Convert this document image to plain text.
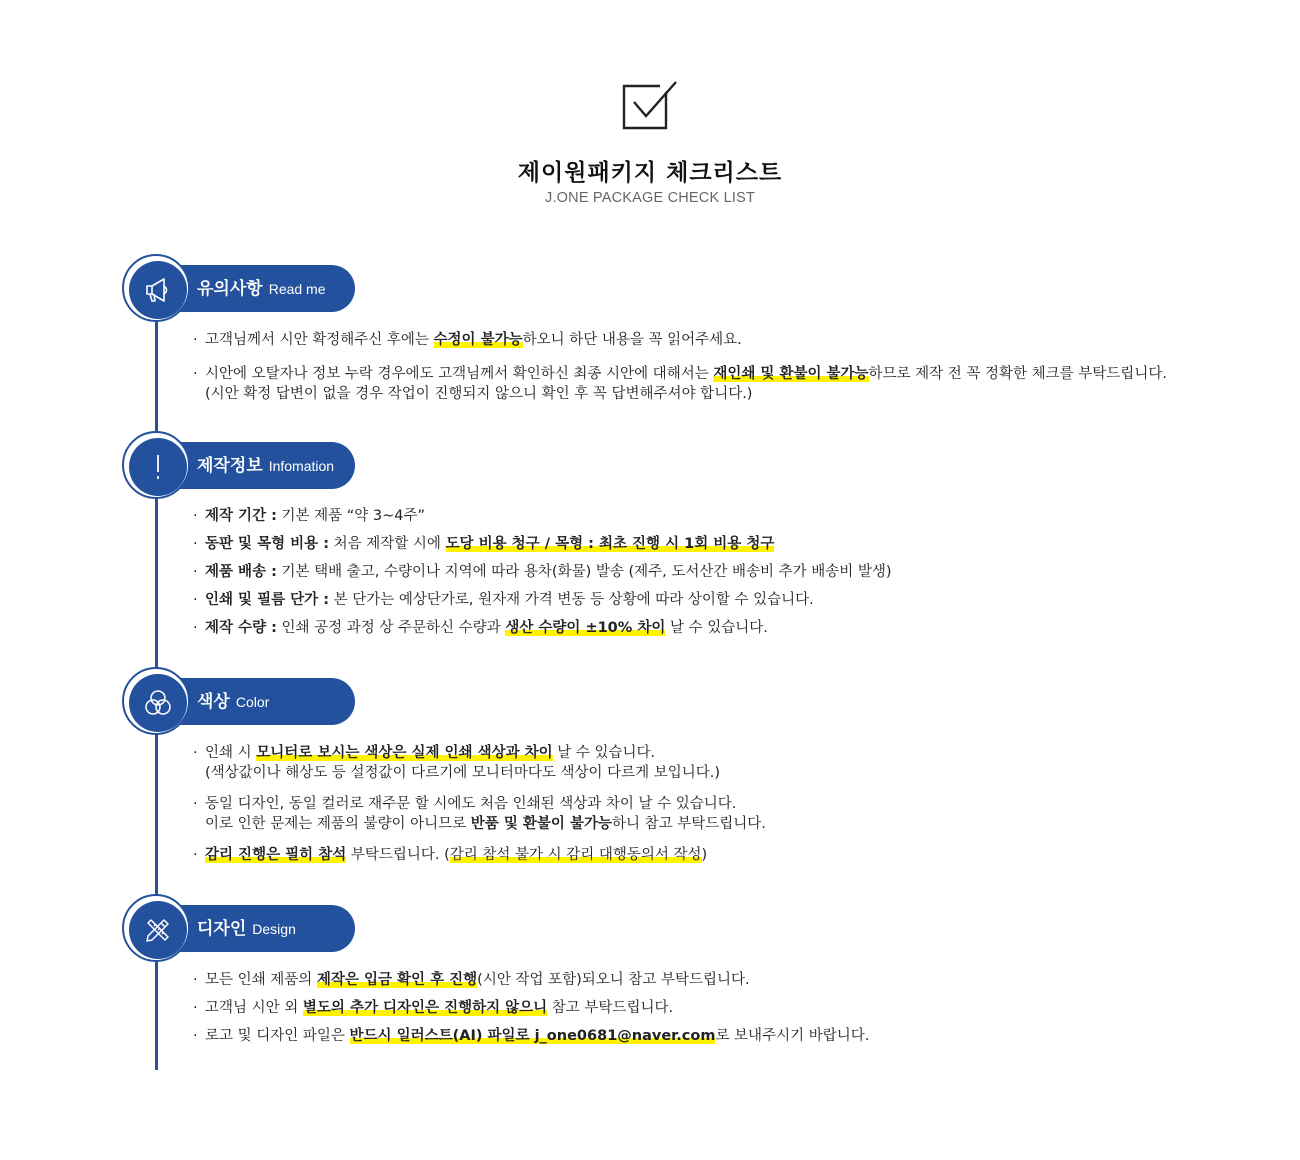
제이원패키지 체크리스트
J.ONE PACKAGE CHECK LIST
유의사항 Read me
· 고객님께서 시안 확정해주신 후에는 수정이 불가능하오니 하단 내용을 꼭 읽어주세요.
· 시안에 오탈자나 정보 누락 경우에도 고객님께서 확인하신 최종 시안에 대해서는 재인쇄 및 환불이 불가능하므로 제작 전 꼭 정확한 체크를 부탁드립니다.
(시안 확정 답변이 없을 경우 작업이 진행되지 않으니 확인 후 꼭 답변해주셔야 합니다.)
제작정보 Infomation
· 제작 기간 : 기본 제품 “약 3~4주”
· 동판 및 목형 비용 : 처음 제작할 시에 도당 비용 청구 / 목형 : 최초 진행 시 1회 비용 청구
· 제품 배송 : 기본 택배 출고, 수량이나 지역에 따라 용차(화물) 발송 (제주, 도서산간 배송비 추가 배송비 발생)
· 인쇄 및 필름 단가 : 본 단가는 예상단가로, 원자재 가격 변동 등 상황에 따라 상이할 수 있습니다.
· 제작 수량 : 인쇄 공정 과정 상 주문하신 수량과 생산 수량이 ±10% 차이 날 수 있습니다.
색상 Color
· 인쇄 시 모니터로 보시는 색상은 실제 인쇄 색상과 차이 날 수 있습니다.
(색상값이나 해상도 등 설정값이 다르기에 모니터마다도 색상이 다르게 보입니다.)
· 동일 디자인, 동일 컬러로 재주문 할 시에도 처음 인쇄된 색상과 차이 날 수 있습니다.
이로 인한 문제는 제품의 불량이 아니므로 반품 및 환불이 불가능하니 참고 부탁드립니다.
· 감리 진행은 필히 참석 부탁드립니다. (감리 참석 불가 시 감리 대행동의서 작성)
디자인 Design
· 모든 인쇄 제품의 제작은 입금 확인 후 진행(시안 작업 포함)되오니 참고 부탁드립니다.
· 고객님 시안 외 별도의 추가 디자인은 진행하지 않으니 참고 부탁드립니다.
· 로고 및 디자인 파일은 반드시 일러스트(AI) 파일로 j_one0681@naver.com로 보내주시기 바랍니다.
